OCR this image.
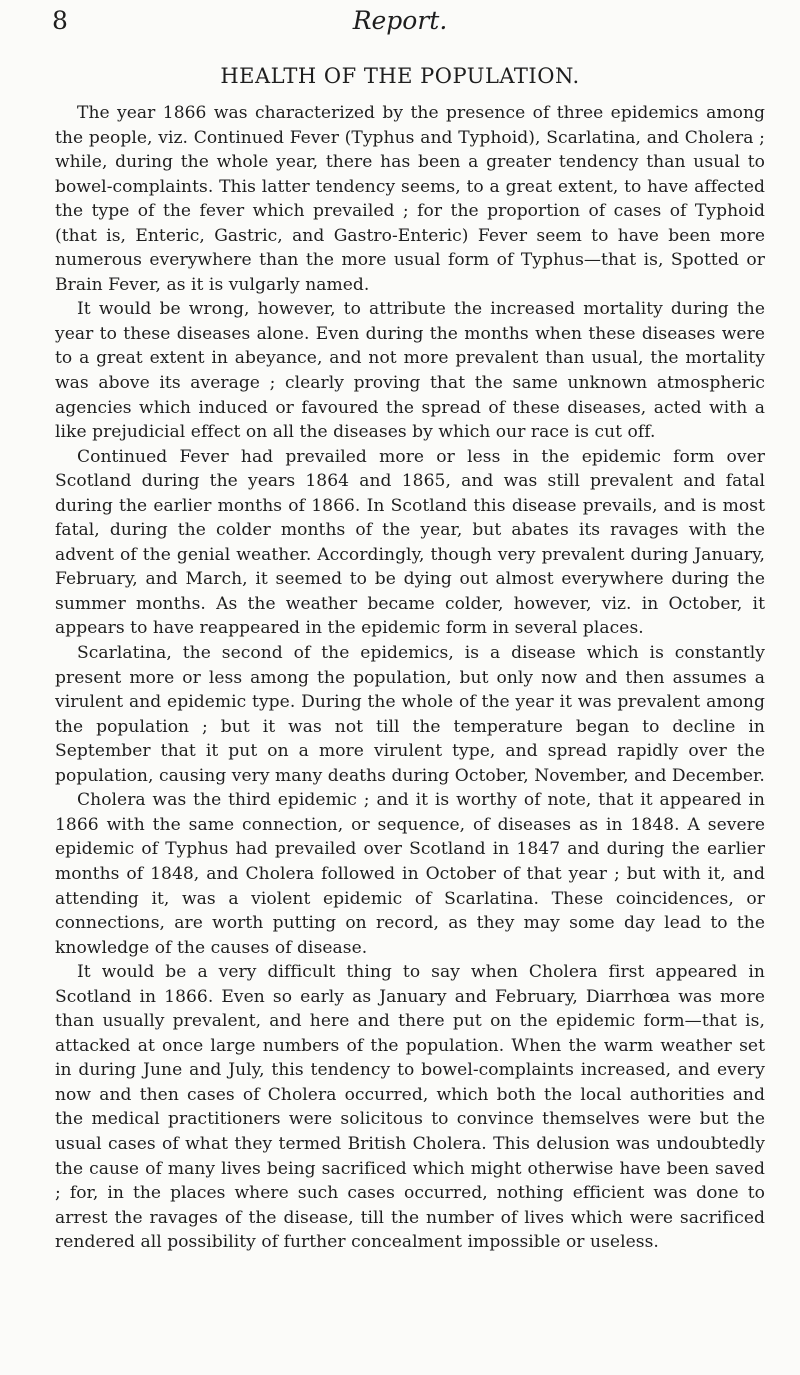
8	Report.
HEALTH OF THE POPULATION.

The year 1866 was characterized by the presence of three epidemics among the people, viz. Continued Fever (Typhus and Typhoid), Scarlatina, and Cholera ; while, during the whole year, there has been a greater tendency than usual to bowel-complaints. This latter tendency seems, to a great extent, to have affected the type of the fever which prevailed ; for the proportion of cases of Typhoid (that is, Enteric, Gastric, and Gastro-Enteric) Fever seem to have been more numerous everywhere than the more usual form of Typhus—that is, Spotted or Brain Fever, as it is vulgarly named.

It would be wrong, however, to attribute the increased mortality during the year to these diseases alone. Even during the months when these diseases were to a great extent in abeyance, and not more prevalent than usual, the mortality was above its average ; clearly proving that the same unknown atmospheric agencies which induced or favoured the spread of these diseases, acted with a like prejudicial effect on all the diseases by which our race is cut off.

Continued Fever had prevailed more or less in the epidemic form over Scotland during the years 1864 and 1865, and was still prevalent and fatal during the earlier months of 1866. In Scotland this disease prevails, and is most fatal, during the colder months of the year, but abates its ravages with the advent of the genial weather. Accordingly, though very prevalent during January, February, and March, it seemed to be dying out almost everywhere during the summer months. As the weather became colder, however, viz. in October, it appears to have reappeared in the epidemic form in several places.

Scarlatina, the second of the epidemics, is a disease which is constantly present more or less among the population, but only now and then assumes a virulent and epidemic type. During the whole of the year it was prevalent among the population ; but it was not till the temperature began to decline in September that it put on a more virulent type, and spread rapidly over the population, causing very many deaths during October, November, and December.

Cholera was the third epidemic ; and it is worthy of note, that it appeared in 1866 with the same connection, or sequence, of diseases as in 1848. A severe epidemic of Typhus had prevailed over Scotland in 1847 and during the earlier months of 1848, and Cholera followed in October of that year ; but with it, and attending it, was a violent epidemic of Scarlatina. These coincidences, or connections, are worth putting on record, as they may some day lead to the knowledge of the causes of disease.

It would be a very difficult thing to say when Cholera first appeared in Scotland in 1866. Even so early as January and February, Diarrhœa was more than usually prevalent, and here and there put on the epidemic form—that is, attacked at once large numbers of the population. When the warm weather set in during June and July, this tendency to bowel-complaints increased, and every now and then cases of Cholera occurred, which both the local authorities and the medical practitioners were solicitous to convince themselves were but the usual cases of what they termed British Cholera. This delusion was undoubtedly the cause of many lives being sacrificed which might otherwise have been saved ; for, in the places where such cases occurred, nothing efficient was done to arrest the ravages of the disease, till the number of lives which were sacrificed rendered all possibility of further concealment impossible or useless.
